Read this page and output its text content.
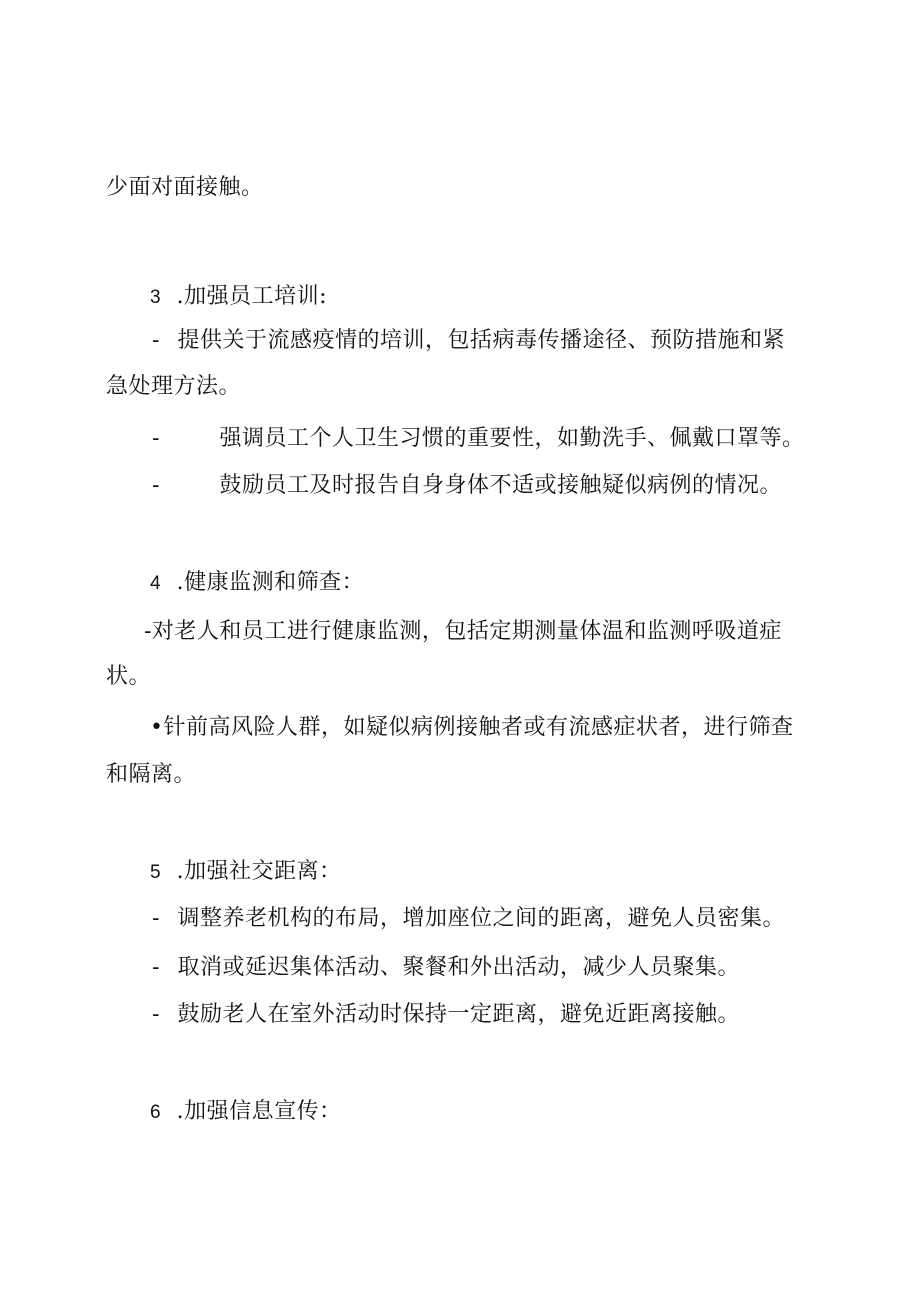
少面对面接触。
3 .加强员工培训:
- 提供关于流感疫情的培训，包括病毒传播途径、预防措施和紧
急处理方法。
-	强调员工个人卫生习惯的重要性，如勤洗手、佩戴口罩等。
-	鼓励员工及时报告自身身体不适或接触疑似病例的情况。
4 .健康监测和筛查：
-对老人和员工进行健康监测，包括定期测量体温和监测呼吸道症
状。
•针前高风险人群，如疑似病例接触者或有流感症状者，进行筛查
和隔离。
5 .加强社交距离：
- 调整养老机构的布局，增加座位之间的距离，避免人员密集。
- 取消或延迟集体活动、聚餐和外出活动，减少人员聚集。
- 鼓励老人在室外活动时保持一定距离，避免近距离接触。
6 .加强信息宣传：
